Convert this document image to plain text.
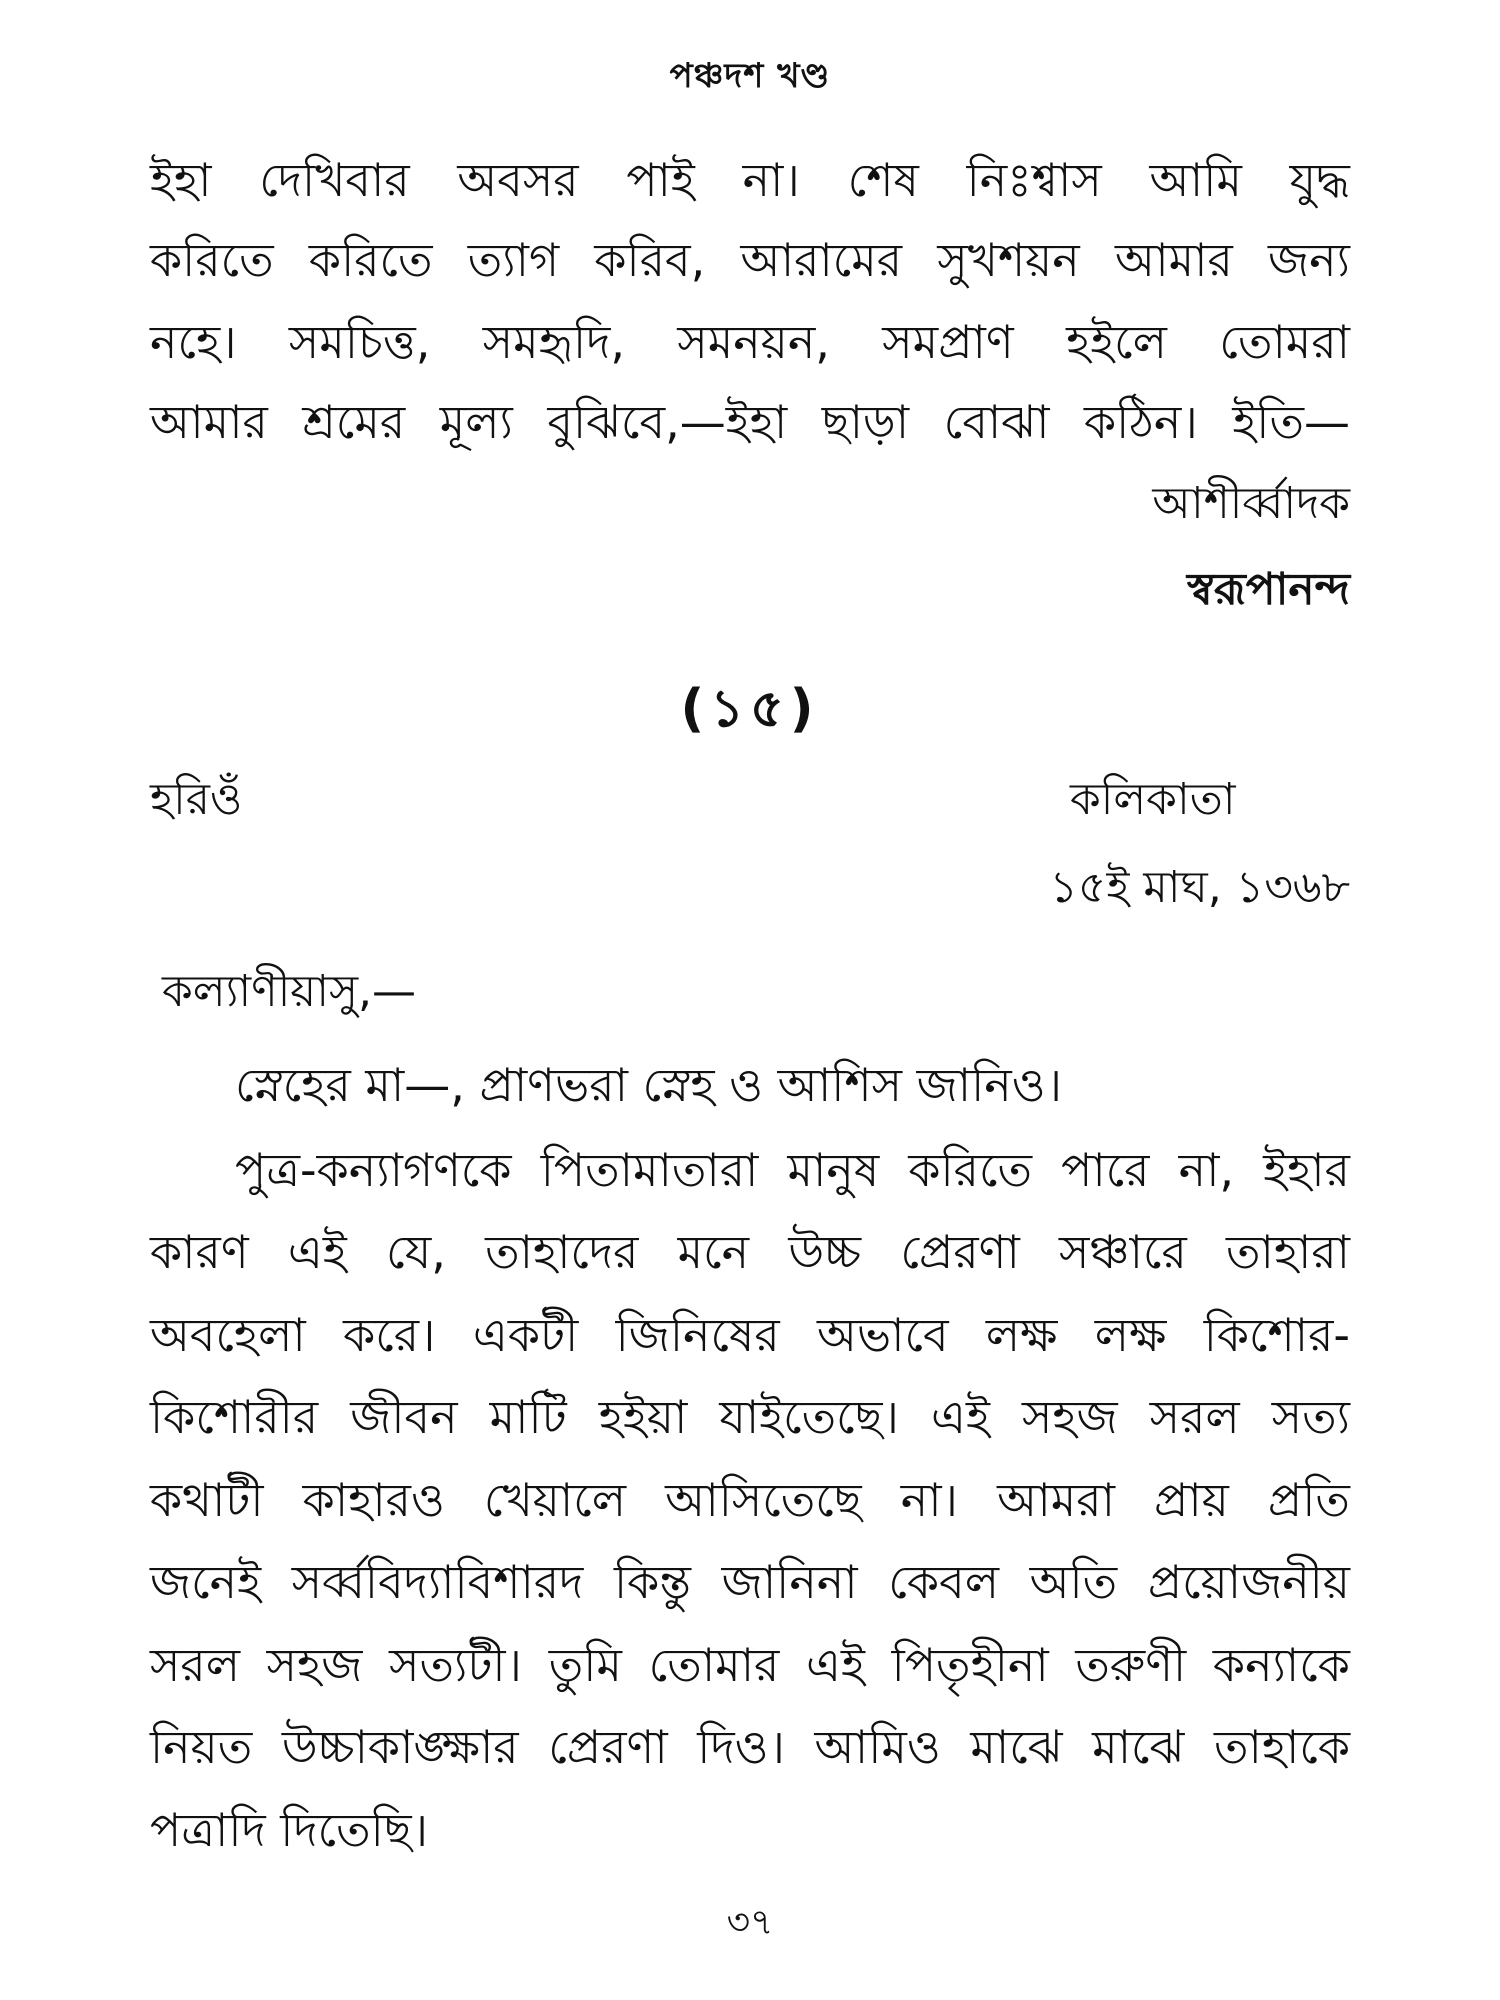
পঞ্চদশ খণ্ড
ইহা দেখিবার অবসর পাই না। শেষ নিঃশ্বাস আমি যুদ্ধ
করিতে করিতে ত্যাগ করিব, আরামের সুখশয়ন আমার জন্য
নহে। সমচিত্ত, সমহৃদি, সমনয়ন, সমপ্রাণ হইলে তোমরা
আমার শ্রমের মূল্য বুঝিবে,—ইহা ছাড়া বোঝা কঠিন। ইতি—
আশীর্ব্বাদক
স্বরূপানন্দ
(১৫)
হরিওঁ	কলিকাতা
১৫ই মাঘ, ১৩৬৮
কল্যাণীয়াসু,—
স্নেহের মা—, প্রাণভরা স্নেহ ও আশিস জানিও।
পুত্র-কন্যাগণকে পিতামাতারা মানুষ করিতে পারে না, ইহার
কারণ এই যে, তাহাদের মনে উচ্চ প্রেরণা সঞ্চারে তাহারা
অবহেলা করে। একটী জিনিষের অভাবে লক্ষ লক্ষ কিশোর-
কিশোরীর জীবন মাটি হইয়া যাইতেছে। এই সহজ সরল সত্য
কথাটী কাহারও খেয়ালে আসিতেছে না। আমরা প্রায় প্রতি
জনেই সর্ব্ববিদ্যাবিশারদ কিন্তু জানিনা কেবল অতি প্রয়োজনীয়
সরল সহজ সত্যটী। তুমি তোমার এই পিতৃহীনা তরুণী কন্যাকে
নিয়ত উচ্চাকাঙ্ক্ষার প্রেরণা দিও। আমিও মাঝে মাঝে তাহাকে
পত্রাদি দিতেছি।
৩৭
